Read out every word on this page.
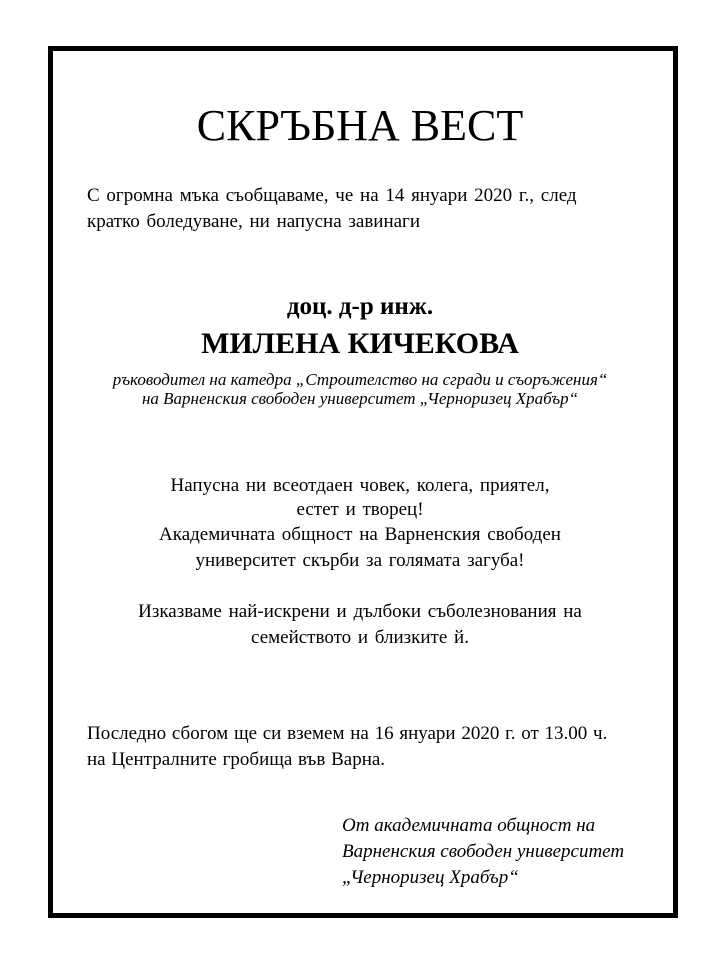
СКРЪБНА ВЕСТ
С огромна мъка съобщаваме, че на 14 януари 2020 г., след
кратко боледуване, ни напусна завинаги
доц. д-р инж.
МИЛЕНА КИЧЕКОВА
ръководител на катедра „Строителство на сгради и съоръжения“
на Варненския свободен университет „Черноризец Храбър“
Напусна ни всеотдаен човек, колега, приятел,
естет и творец!
Академичната общност на Варненския свободен
университет скърби за голямата загуба!
Изказваме най-искрени и дълбоки съболезнования на
семейството и близките й.
Последно сбогом ще си вземем на 16 януари 2020 г. от 13.00 ч.
на Централните гробища във Варна.
От академичната общност на
Варненския свободен университет
„Черноризец Храбър“
